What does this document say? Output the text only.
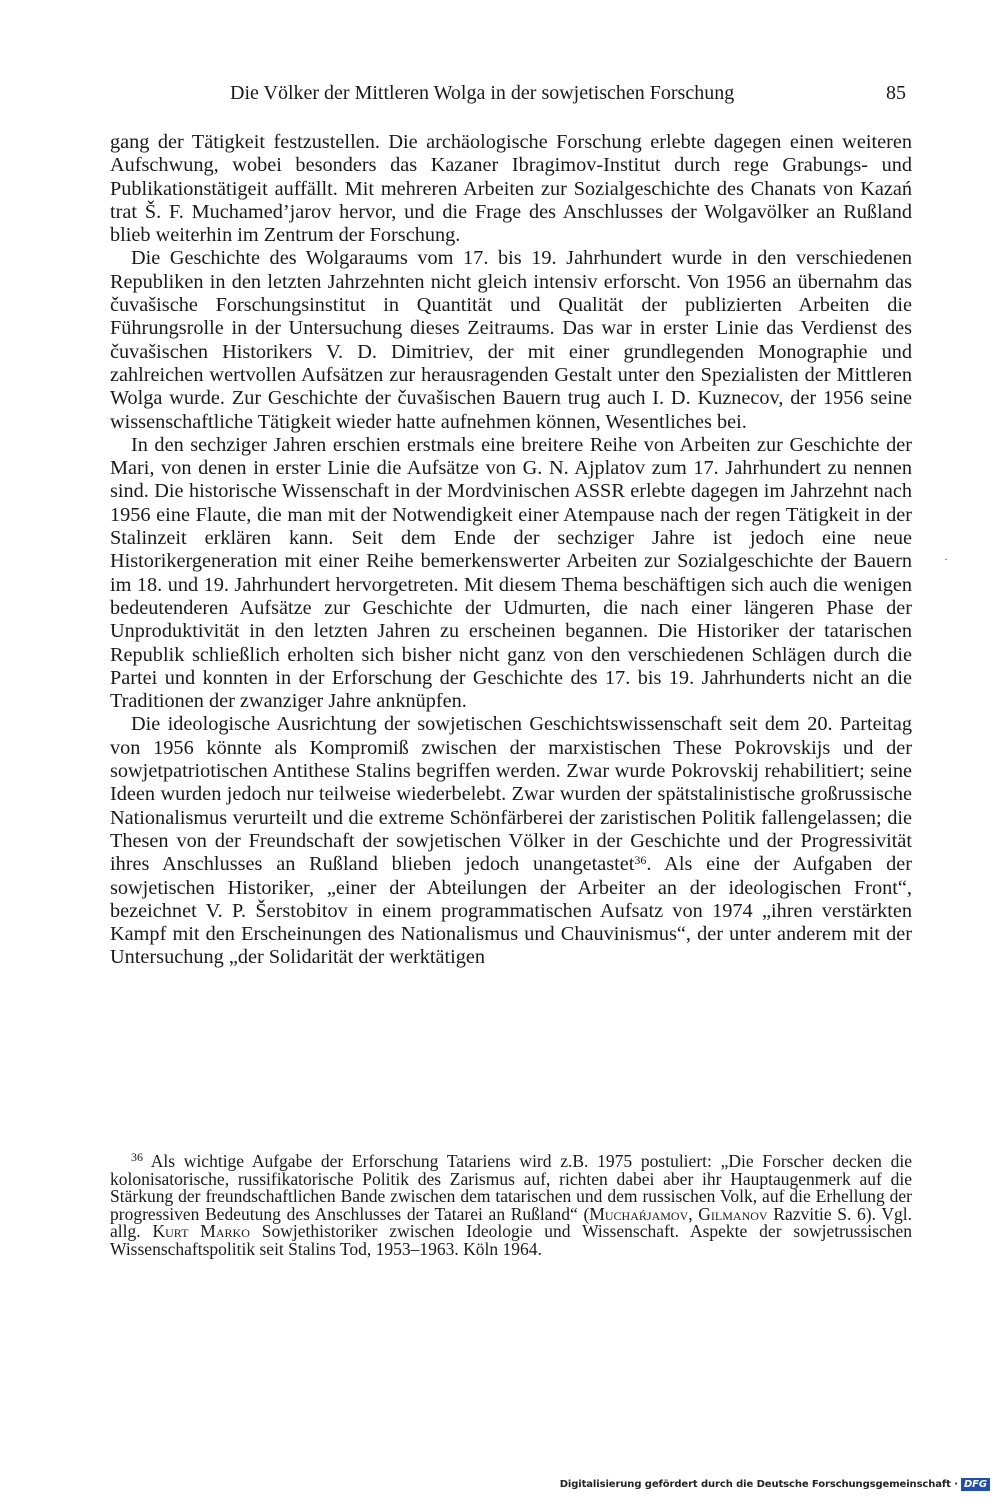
Die Völker der Mittleren Wolga in der sowjetischen Forschung	85

gang der Tätigkeit festzustellen. Die archäologische Forschung erlebte dagegen einen weiteren Aufschwung, wobei besonders das Kazaner Ibragimov-Institut durch rege Grabungs- und Publikationstätigeit auffällt. Mit mehreren Arbeiten zur Sozialgeschichte des Chanats von Kazań trat Š. F. Muchamed’jarov hervor, und die Frage des Anschlusses der Wolgavölker an Rußland blieb weiterhin im Zentrum der Forschung.

Die Geschichte des Wolgaraums vom 17. bis 19. Jahrhundert wurde in den verschiedenen Republiken in den letzten Jahrzehnten nicht gleich intensiv erforscht. Von 1956 an übernahm das čuvašische Forschungsinstitut in Quantität und Qualität der publizierten Arbeiten die Führungsrolle in der Untersuchung dieses Zeitraums. Das war in erster Linie das Verdienst des čuvašischen Historikers V. D. Dimitriev, der mit einer grundlegenden Monographie und zahlreichen wertvollen Aufsätzen zur herausragenden Gestalt unter den Spezialisten der Mittleren Wolga wurde. Zur Geschichte der čuvašischen Bauern trug auch I. D. Kuznecov, der 1956 seine wissenschaftliche Tätigkeit wieder hatte aufnehmen können, Wesentliches bei.

In den sechziger Jahren erschien erstmals eine breitere Reihe von Arbeiten zur Geschichte der Mari, von denen in erster Linie die Aufsätze von G. N. Ajplatov zum 17. Jahrhundert zu nennen sind. Die historische Wissenschaft in der Mordvinischen ASSR erlebte dagegen im Jahrzehnt nach 1956 eine Flaute, die man mit der Notwendigkeit einer Atempause nach der regen Tätigkeit in der Stalinzeit erklären kann. Seit dem Ende der sechziger Jahre ist jedoch eine neue Historikergeneration mit einer Reihe bemerkenswerter Arbeiten zur Sozialgeschichte der Bauern im 18. und 19. Jahrhundert hervorgetreten. Mit diesem Thema beschäftigen sich auch die wenigen bedeutenderen Aufsätze zur Geschichte der Udmurten, die nach einer längeren Phase der Unproduktivität in den letzten Jahren zu erscheinen begannen. Die Historiker der tatarischen Republik schließlich erholten sich bisher nicht ganz von den verschiedenen Schlägen durch die Partei und konnten in der Erforschung der Geschichte des 17. bis 19. Jahrhunderts nicht an die Traditionen der zwanziger Jahre anknüpfen.

Die ideologische Ausrichtung der sowjetischen Geschichtswissenschaft seit dem 20. Parteitag von 1956 könnte als Kompromiß zwischen der marxistischen These Pokrovskijs und der sowjetpatriotischen Antithese Stalins begriffen werden. Zwar wurde Pokrovskij rehabilitiert; seine Ideen wurden jedoch nur teilweise wiederbelebt. Zwar wurden der spätstalinistische großrussische Nationalismus verurteilt und die extreme Schönfärberei der zaristischen Politik fallengelassen; die Thesen von der Freundschaft der sowjetischen Völker in der Geschichte und der Progressivität ihres Anschlusses an Rußland blieben jedoch unangetastet$^{36}$. Als eine der Aufgaben der sowjetischen Historiker, „einer der Abteilungen der Arbeiter an der ideologischen Front“, bezeichnet V. P. Šerstobitov in einem programmatischen Aufsatz von 1974 „ihren verstärkten Kampf mit den Erscheinungen des Nationalismus und Chauvinismus“, der unter anderem mit der Untersuchung „der Solidarität der werktätigen

·

$^{36}$ Als wichtige Aufgabe der Erforschung Tatariens wird z.B. 1975 postuliert: „Die Forscher decken die kolonisatorische, russifikatorische Politik des Zarismus auf, richten dabei aber ihr Hauptaugenmerk auf die Stärkung der freundschaftlichen Bande zwischen dem tatarischen und dem russischen Volk, auf die Erhellung der progressiven Bedeutung des Anschlusses der Tatarei an Rußland“ (Muchaŕjamov, Gilmanov Razvitie S. 6). Vgl. allg. Kurt Marko Sowjethistoriker zwischen Ideologie und Wissenschaft. Aspekte der sowjetrussischen Wissenschaftspolitik seit Stalins Tod, 1953–1963. Köln 1964.

Digitalisierung gefördert durch die Deutsche Forschungsgemeinschaft · DFG
